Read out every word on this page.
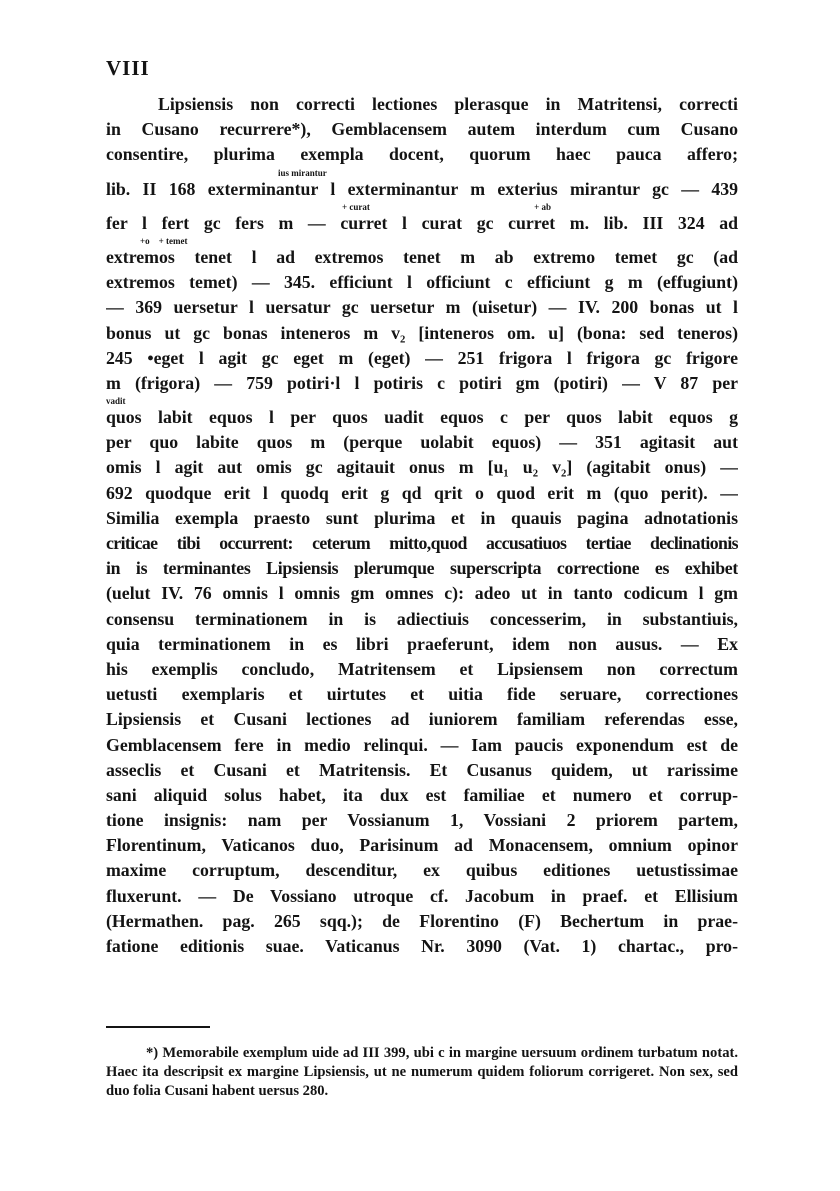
VIII
Lipsiensis non correcti lectiones plerasque in Matritensi, correcti
in Cusano recurrere*), Gemblacensem autem interdum cum Cusano
consentire, plurima exempla docent, quorum haec pauca affero;
ius mirantur
lib. II 168 exterminantur l exterminantur m exterius mirantur gc — 439
+ curat                                                                         + ab
fer l fert gc fers m — curret l curat gc curret m. lib. III 324 ad
+o    + temet
extremos tenet l ad extremos tenet m ab extremo temet gc (ad
extremos temet) — 345. efficiunt l officiunt c efficiunt g m (effugiunt)
— 369 uersetur l uersatur gc uersetur m (uisetur) — IV. 200 bonas ut l
bonus ut gc bonas inteneros m v₂ [inteneros om. u] (bona: sed teneros)
245 •eget l agit gc eget m (eget) — 251 frigora l frigora gc frigore
m (frigora) — 759 potiri·l l potiris c potiri gm (potiri) — V 87 per
vadit
quos labit equos l per quos uadit equos c per quos labit equos g
per quo labite quos m (perque uolabit equos) — 351 agitasit aut
omis l agit aut omis gc agitauit onus m [u₁ u₂ v₂] (agitabit onus) —
692 quodque erit l quodq erit g qd qrit o quod erit m (quo perit). —
Similia exempla praesto sunt plurima et in quauis pagina adnotationis
criticae tibi occurrent: ceterum mitto,quod accusatiuos tertiae declinationis
in is terminantes Lipsiensis plerumque superscripta correctione es exhibet
(uelut IV. 76 omnis l omnis gm omnes c): adeo ut in tanto codicum l gm
consensu terminationem in is adiectiuis concesserim, in substantiuis,
quia terminationem in es libri praeferunt, idem non ausus. — Ex
his exemplis concludo, Matritensem et Lipsiensem non correctum
uetusti exemplaris et uirtutes et uitia fide seruare, correctiones
Lipsiensis et Cusani lectiones ad iuniorem familiam referendas esse,
Gemblacensem fere in medio relinqui. — Iam paucis exponendum est de
asseclis et Cusani et Matritensis. Et Cusanus quidem, ut rarissime
sani aliquid solus habet, ita dux est familiae et numero et corrup-
tione insignis: nam per Vossianum 1, Vossiani 2 priorem partem,
Florentinum, Vaticanos duo, Parisinum ad Monacensem, omnium opinor
maxime corruptum, descenditur, ex quibus editiones uetustissimae
fluxerunt. — De Vossiano utroque cf. Jacobum in praef. et Ellisium
(Hermathen. pag. 265 sqq.); de Florentino (F) Bechertum in prae-
fatione editionis suae. Vaticanus Nr. 3090 (Vat. 1) chartac., pro-
*) Memorabile exemplum uide ad III 399, ubi c in margine uersuum ordinem turbatum notat. Haec ita descripsit ex margine Lipsiensis, ut ne numerum quidem foliorum corrigeret. Non sex, sed duo folia Cusani habent uersus 280.
